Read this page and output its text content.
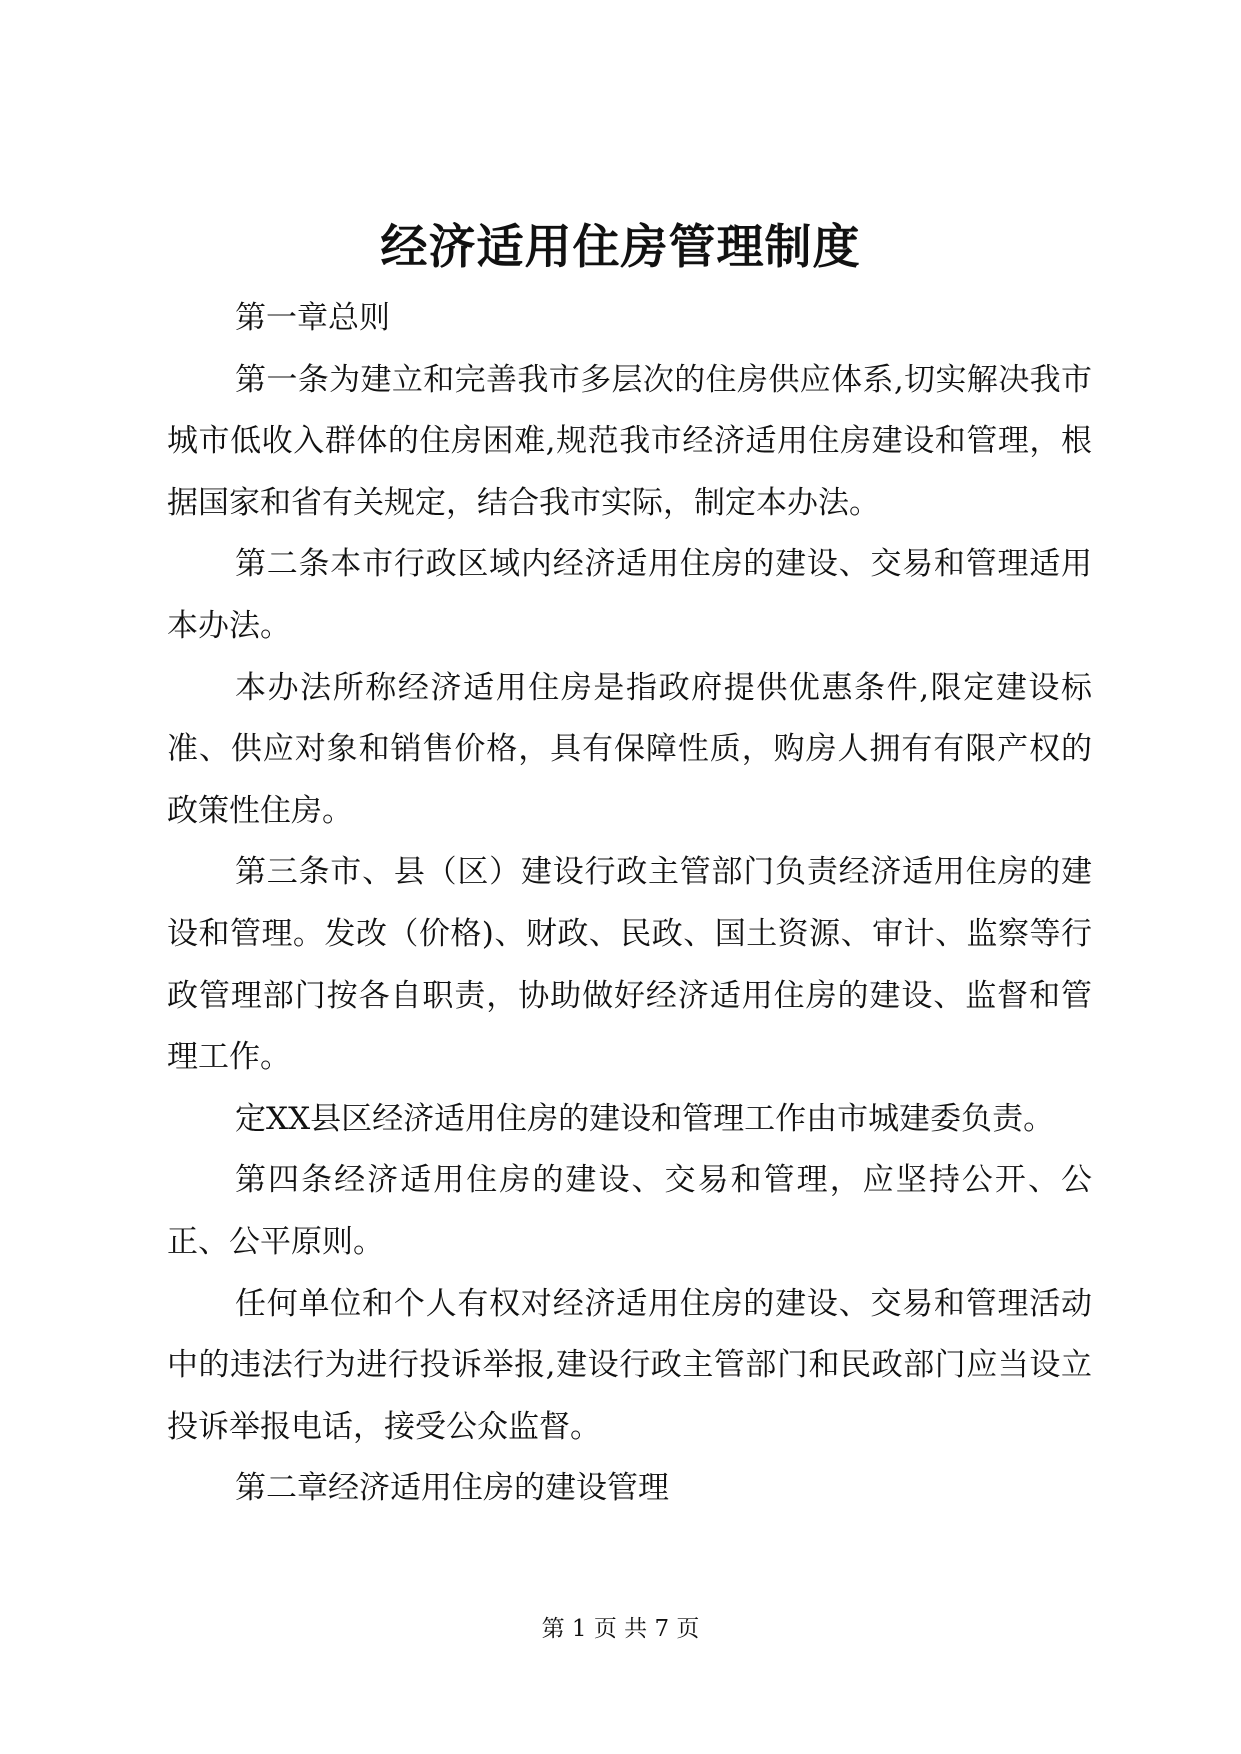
经济适用住房管理制度

第一章总则

第一条为建立和完善我市多层次的住房供应体系,切实解决我市城市低收入群体的住房困难,规范我市经济适用住房建设和管理，根据国家和省有关规定，结合我市实际，制定本办法。

第二条本市行政区域内经济适用住房的建设、交易和管理适用本办法。

本办法所称经济适用住房是指政府提供优惠条件,限定建设标准、供应对象和销售价格，具有保障性质，购房人拥有有限产权的政策性住房。

第三条市、县（区）建设行政主管部门负责经济适用住房的建设和管理。发改（价格)、财政、民政、国土资源、审计、监察等行政管理部门按各自职责，协助做好经济适用住房的建设、监督和管理工作。

定XX县区经济适用住房的建设和管理工作由市城建委负责。

第四条经济适用住房的建设、交易和管理，应坚持公开、公正、公平原则。

任何单位和个人有权对经济适用住房的建设、交易和管理活动中的违法行为进行投诉举报,建设行政主管部门和民政部门应当设立投诉举报电话，接受公众监督。

第二章经济适用住房的建设管理

第 1 页 共 7 页
